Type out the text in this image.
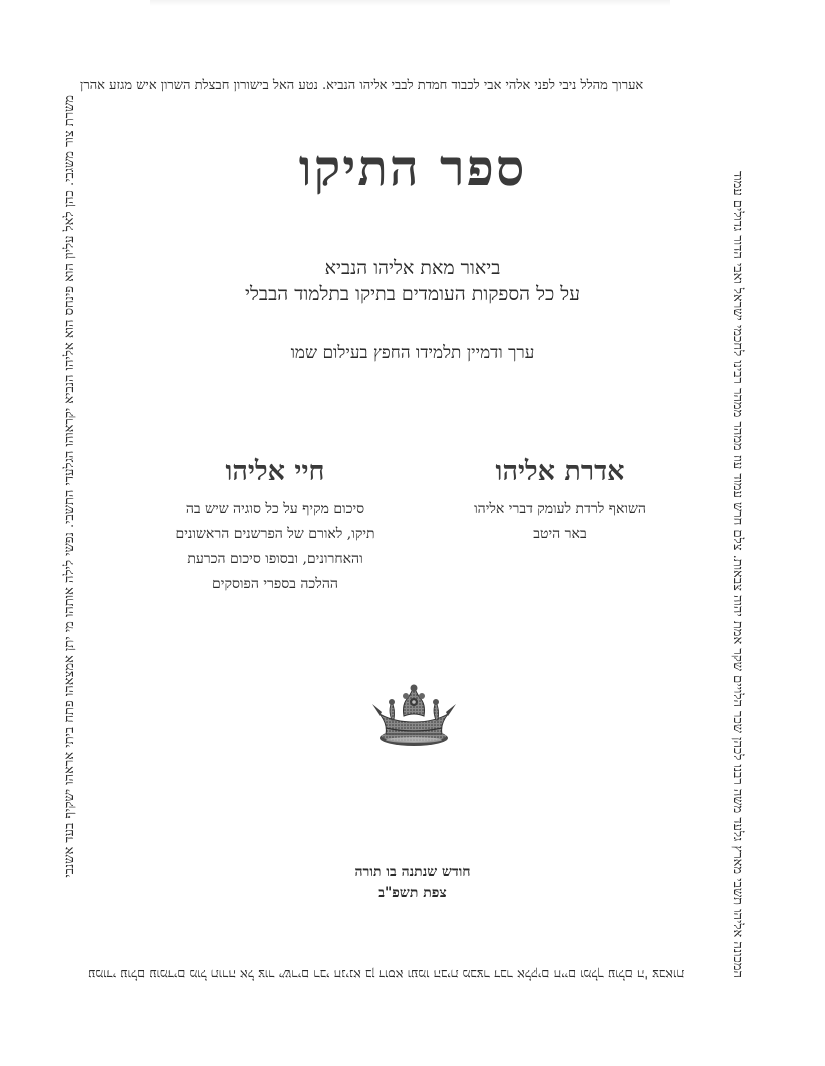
אערוך מהלל ניבי לפני אלהי אבי לכבוד חמדת לבבי אליהו הנביא. נטע האל בישורון חבצלת השרון איש מגזע אהרן
המכונה אליהו תשבי מארץ גלעד משה רבנו לכהן שכר הלויים שקר אמת יהוה צבאות. צלם חרש עמוד עוז ממהר ממהר רבינו לחכמי ישראל ואבי הדור גדולים עמוד
עמודי עולם עומדים מול תורה אל צור ישרים רבי חנינא בן דוסא ועמו הבית מבצר דבר אלקים חיים ומלך עולם ה' צבאות
משרת צור משגבי. כהן לאל עליון הוא פינחס הוא אליהו הנביא יקראוהו הגלעדי התשבי. נפשי לילה אותהו מי יתן אמצאהו פתח ביתי אראהו ישקיף בעד אשנבי	ספר התיקו
ביאור מאת אליהו הנביא
על כל הספקות העומדים בתיקו בתלמוד הבבלי
ערך ודמיין תלמידו החפץ בעילום שמו
אדרת אליהו
השואף לרדת לעומק דברי אליהו
באר היטב
חיי אליהו
סיכום מקיף על כל סוגיה שיש בה
תיקו, לאורם של הפרשנים הראשונים
והאחרונים, ובסופו סיכום הכרעת
ההלכה בספרי הפוסקים
חודש שנתנה בו תורה
צפת תשפ"ב
